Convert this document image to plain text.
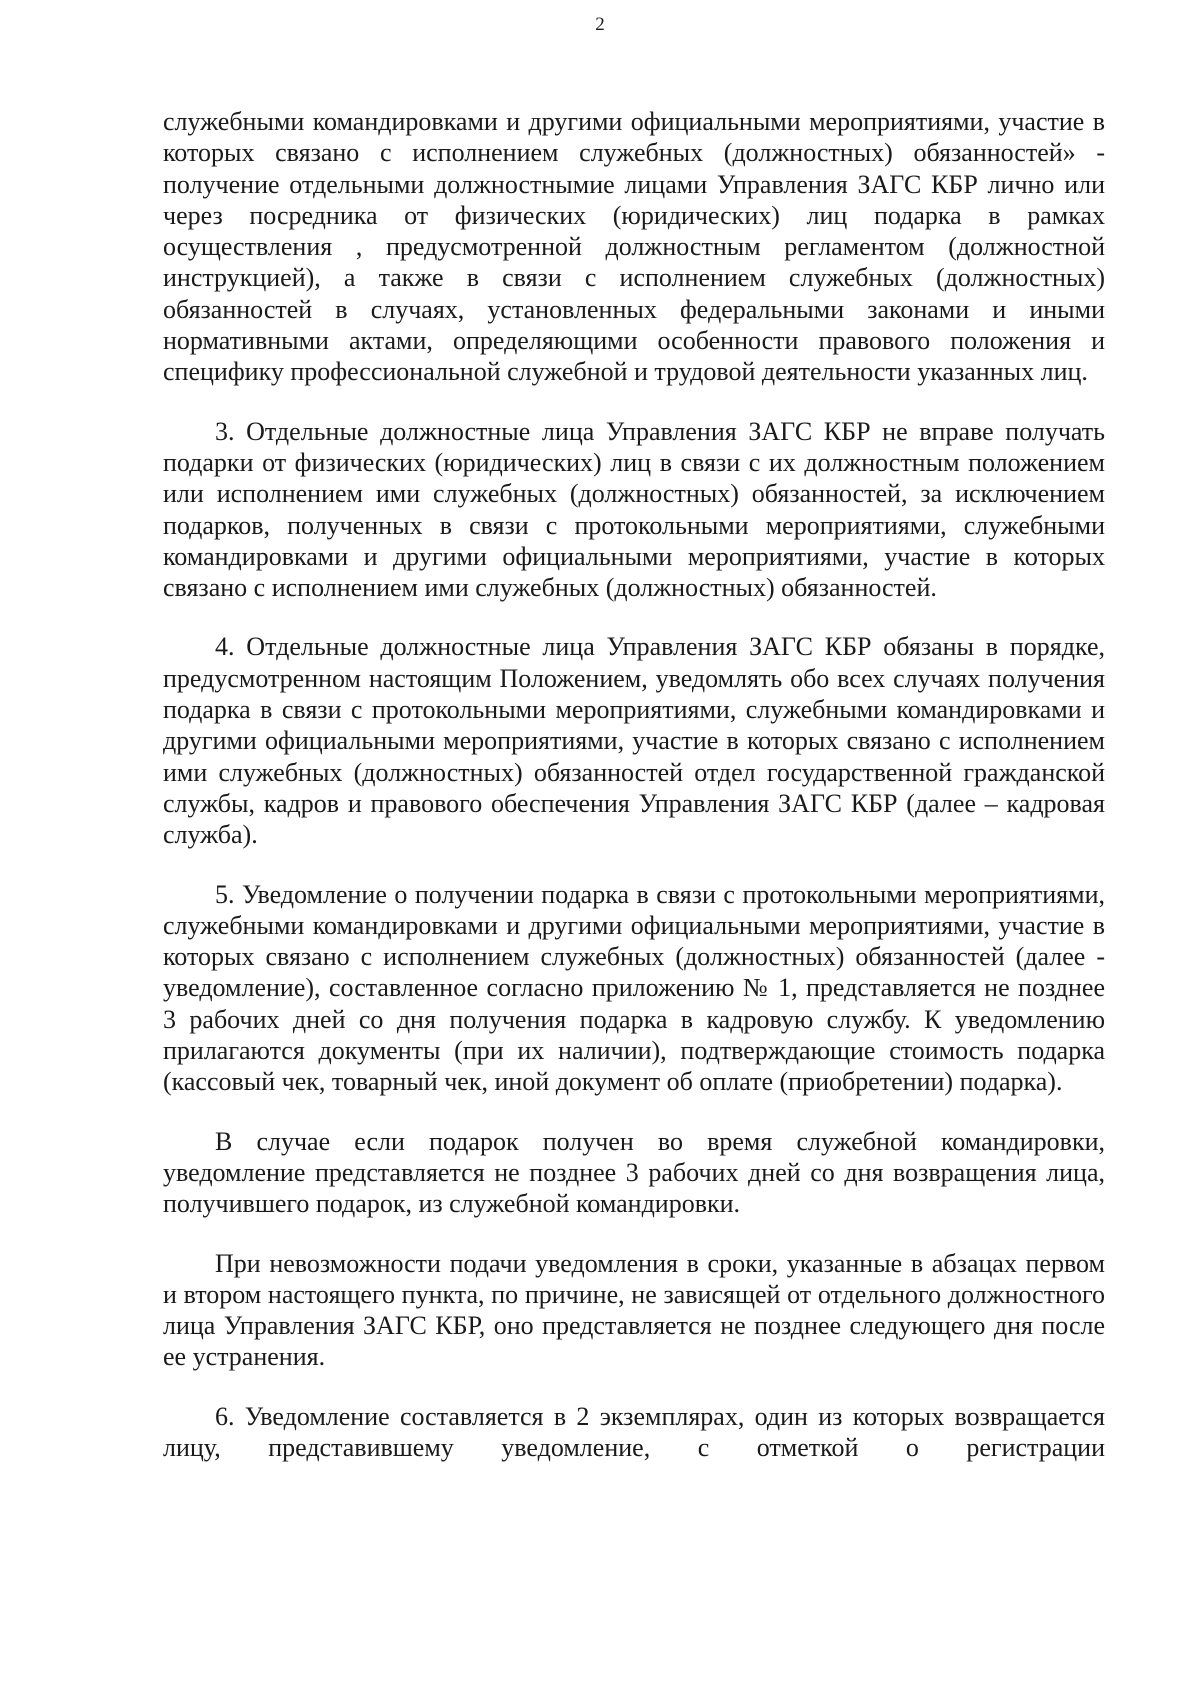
2

служебными командировками и другими официальными мероприятиями, участие в которых связано с исполнением служебных (должностных) обязанностей» - получение отдельными должностнымие лицами Управления ЗАГС КБР лично или через посредника от физических (юридических) лиц подарка в рамках осуществления , предусмотренной должностным регламентом (должностной инструкцией), а также в связи с исполнением служебных (должностных) обязанностей в случаях, установленных федеральными законами и иными нормативными актами, определяющими особенности правового положения и специфику профессиональной служебной и трудовой деятельности указанных лиц.

3. Отдельные должностные лица Управления ЗАГС КБР не вправе получать подарки от физических (юридических) лиц в связи с их должностным положением или исполнением ими служебных (должностных) обязанностей, за исключением подарков, полученных в связи с протокольными мероприятиями, служебными командировками и другими официальными мероприятиями, участие в которых связано с исполнением ими служебных (должностных) обязанностей.

4. Отдельные должностные лица Управления ЗАГС КБР обязаны в порядке, предусмотренном настоящим Положением, уведомлять обо всех случаях получения подарка в связи с протокольными мероприятиями, служебными командировками и другими официальными мероприятиями, участие в которых связано с исполнением ими служебных (должностных) обязанностей отдел государственной гражданской службы, кадров и правового обеспечения Управления ЗАГС КБР (далее – кадровая служба).

5. Уведомление о получении подарка в связи с протокольными мероприятиями, служебными командировками и другими официальными мероприятиями, участие в которых связано с исполнением служебных (должностных) обязанностей (далее - уведомление), составленное согласно приложению № 1, представляется не позднее 3 рабочих дней со дня получения подарка в кадровую службу. К уведомлению прилагаются документы (при их наличии), подтверждающие стоимость подарка (кассовый чек, товарный чек, иной документ об оплате (приобретении) подарка).

В случае если подарок получен во время служебной командировки, уведомление представляется не позднее 3 рабочих дней со дня возвращения лица, получившего подарок, из служебной командировки.

При невозможности подачи уведомления в сроки, указанные в абзацах первом и втором настоящего пункта, по причине, не зависящей от отдельного должностного лица Управления ЗАГС КБР, оно представляется не позднее следующего дня после ее устранения.

6. Уведомление составляется в 2 экземплярах, один из которых возвращается лицу, представившему уведомление, с отметкой о регистрации
